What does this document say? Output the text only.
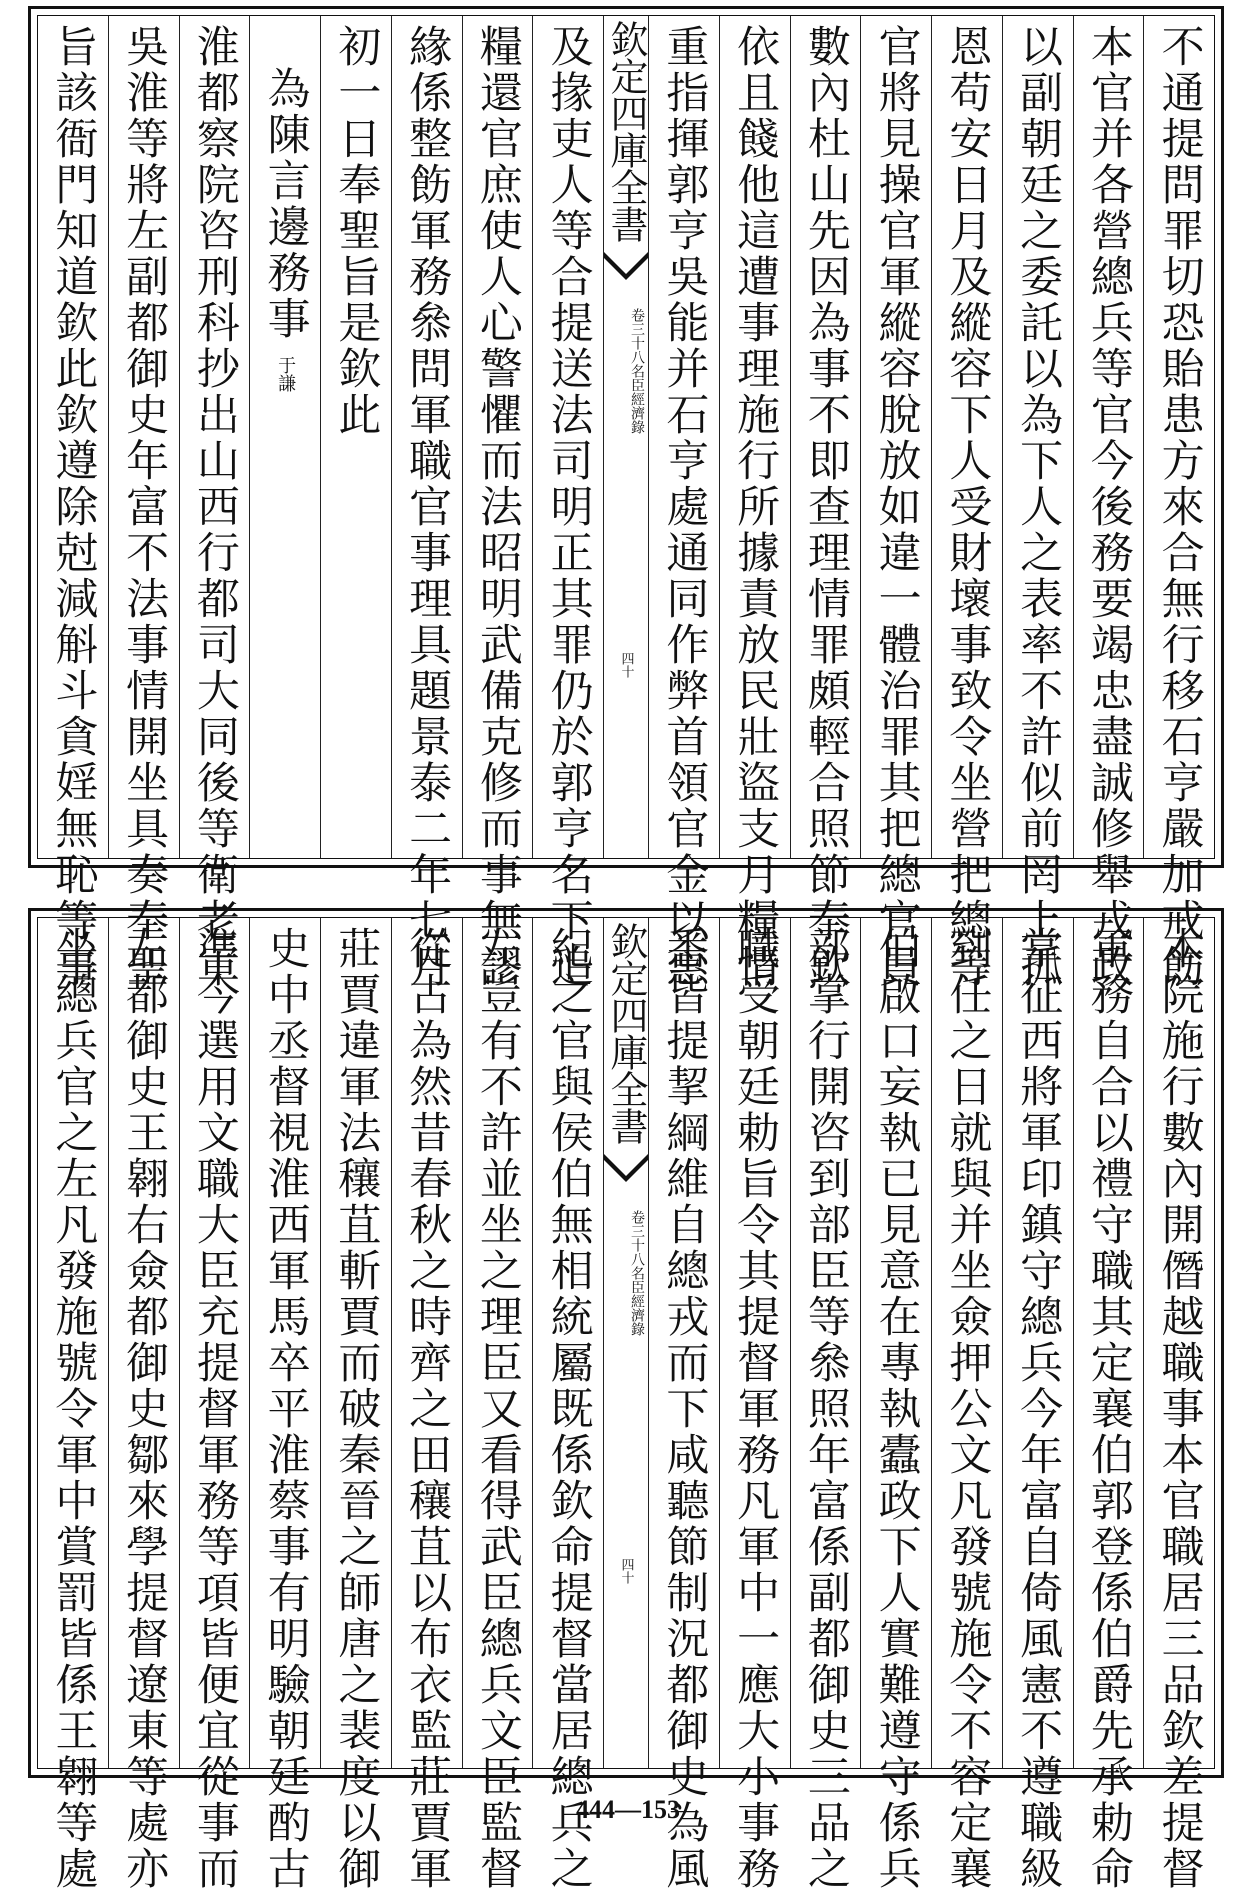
不通提問罪切恐貽患方來合無行移石亨嚴加戒飭
本官并各營總兵等官今後務要竭忠盡誠修舉戎政
以副朝廷之委託以為下人之表率不許似前罔上孤
恩苟安日月及縱容下人受財壞事致令坐營把總等
官將見操官軍縱容脫放如違一體治罪其把總官員
數內杜山先因為事不即查理情罪頗輕合照節奉欽
依且餞他這遭事理施行所據責放民壯盜支月糧情
重指揮郭亨吳能并石亨處通同作弊首領官金以惠
欽定四庫全書
名臣經濟錄
卷三十八
四十
及掾吏人等合提送法司明正其罪仍於郭亨名下追
糧還官庶使人心警懼而法昭明武備克修而事無謬
緣係整飭軍務叅問軍職官事理具題景泰二年七月
初一日奉聖旨是欽此
為陳言邊務事
于謙
淮都察院咨刑科抄出山西行都司大同後等衛老軍
吳淮等將左副都御史年富不法事情開坐具奏奉聖
旨該衙門知道欽此欽遵除尅減斛斗貪婬無恥等事
本院施行數內開僭越職事本官職居三品欽差提督
軍務自合以禮守職其定襄伯郭登係伯爵先承勅命
掌征西將軍印鎮守總兵今年富自倚風憲不遵職級
到任之日就與并坐僉押公文凡發號施令不容定襄
伯啟口妄執已見意在專執蠹政下人實難遵守係兵
部掌行開咨到部臣等叅照年富係副都御史三品之
職受朝廷勅旨令其提督軍務凡軍中一應大小事務
悉皆提挈綱維自總戎而下咸聽節制況都御史為風
欽定四庫全書
名臣經濟錄
卷三十八
四十
紀之官與侯伯無相統屬既係欽命提督當居總兵之
左豈有不許並坐之理臣又看得武臣總兵文臣監督
從古為然昔春秋之時齊之田穰苴以布衣監莊賈軍
莊賈違軍法穰苴斬賈而破秦晉之師唐之裴度以御
史中丞督視淮西軍馬卒平淮蔡事有明驗朝廷酌古
準今選用文職大臣充提督軍務等項皆便宜從事而
左都御史王翱右僉都御史鄒來學提督遼東等處亦
坐總兵官之左凡發施號令軍中賞罰皆係王翱等處	444—153
